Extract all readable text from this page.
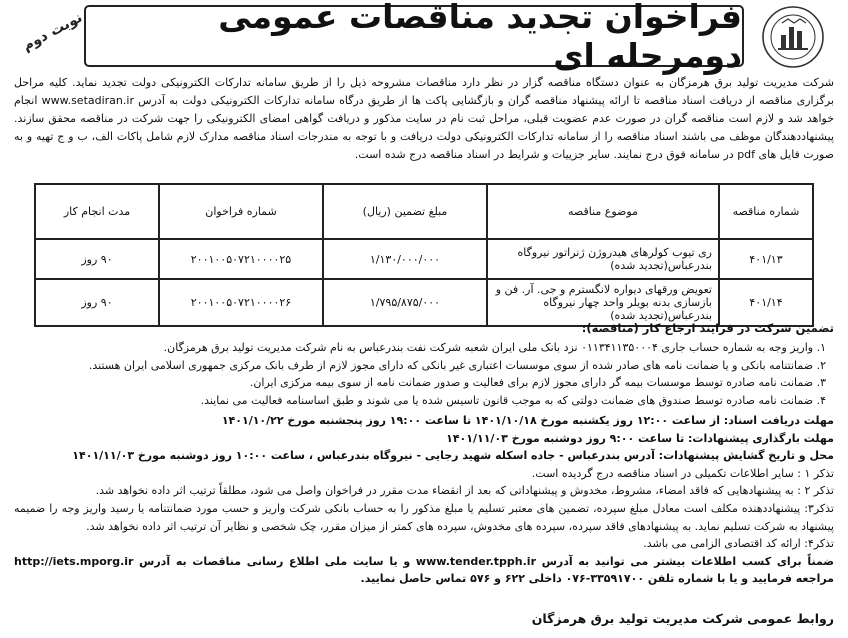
فراخوان تجدید مناقصات عمومی دومرحله ای
نوبت دوم
شرکت مدیریت تولید برق هرمزگان به عنوان دستگاه مناقصه گزار در نظر دارد مناقصات مشروحه ذیل را از طریق سامانه تدارکات الکترونیکی دولت تجدید نماید. کلیه مراحل برگزاری مناقصه از دریافت اسناد مناقصه تا ارائه پیشنهاد مناقصه گران و بازگشایی پاکت ها از طریق درگاه سامانه تدارکات الکترونیکی دولت به آدرس www.setadiran.ir انجام خواهد شد و لازم است مناقصه گران در صورت عدم عضویت قبلی، مراحل ثبت نام در سایت مذکور و دریافت گواهی امضای الکترونیکی را جهت شرکت در مناقصه محقق سازند. پیشنهاددهندگان موظف می باشند اسناد مناقصه را از سامانه تدارکات الکترونیکی دولت دریافت و با توجه به مندرجات اسناد مناقصه مدارک لازم شامل پاکات الف، ب و ج تهیه و به صورت فایل های pdf در سامانه فوق درج نمایند. سایر جزییات و شرایط در اسناد مناقصه درج شده است.
شماره مناقصه	موضوع مناقصه	مبلغ تضمین (ریال)	شماره فراخوان	مدت انجام کار
۴۰۱/۱۳	ری تیوب کولرهای هیدروژن ژنراتور نیروگاه بندرعباس(تجدید شده)	۱/۱۳۰/۰۰۰/۰۰۰	۲۰۰۱۰۰۵۰۷۲۱۰۰۰۰۲۵	۹۰ روز
۴۰۱/۱۴	تعویض ورقهای دیواره لانگسترم و جی. آر. فن و بازسازی بدنه بویلر واحد چهار نیروگاه بندرعباس(تجدید شده)	۱/۷۹۵/۸۷۵/۰۰۰	۲۰۰۱۰۰۵۰۷۲۱۰۰۰۰۲۶	۹۰ روز
تضمین شرکت در فرایند ارجاع کار (مناقصه):
۱. واریز وجه به شماره حساب جاری ۰۱۱۳۴۱۱۳۵۰۰۰۴ نزد بانک ملی ایران شعبه شرکت نفت بندرعباس به نام شرکت مدیریت تولید برق هرمزگان.
۲. ضمانتنامه بانکی و یا ضمانت نامه های صادر شده از سوی موسسات اعتباری غیر بانکی که دارای مجوز لازم از طرف بانک مرکزی جمهوری اسلامی ایران هستند.
۳. ضمانت نامه صادره توسط موسسات بیمه گر دارای مجوز لازم برای فعالیت و صدور ضمانت نامه از سوی بیمه مرکزی ایران.
۴. ضمانت نامه صادره توسط صندوق های ضمانت دولتی که به موجب قانون تاسیس شده یا می شوند و طبق اساسنامه فعالیت می نمایند.
مهلت دریافت اسناد: از ساعت ۱۲:۰۰ روز یکشنبه مورخ ۱۴۰۱/۱۰/۱۸ تا ساعت ۱۹:۰۰ روز پنجشنبه مورخ ۱۴۰۱/۱۰/۲۲
مهلت بارگذاری پیشنهادات: تا ساعت ۹:۰۰ روز دوشنبه مورخ ۱۴۰۱/۱۱/۰۳
محل و تاریخ گشایش پیشنهادات: آدرس بندرعباس - جاده اسکله شهید رجایی - نیروگاه بندرعباس ، ساعت ۱۰:۰۰ روز دوشنبه مورخ ۱۴۰۱/۱۱/۰۳
تذکر ۱ : سایر اطلاعات تکمیلی در اسناد مناقصه درج گردیده است.
تذکر ۲ : به پیشنهادهایی که فاقد امضاء، مشروط، مخدوش و پیشنهاداتی که بعد از انقضاء مدت مقرر در فراخوان واصل می شود، مطلقاً ترتیب اثر داده نخواهد شد.
تذکر۳: پیشنهاددهنده مکلف است معادل مبلغ سپرده، تضمین های معتبر تسلیم یا مبلغ مذکور را به حساب بانکی شرکت واریز و حسب مورد ضمانتنامه یا رسید واریز وجه را ضمیمه پیشنهاد به شرکت تسلیم نماید. به پیشنهادهای فاقد سپرده، سپرده های مخدوش، سپرده های کمتر از میزان مقرر، چک شخصی و نظایر آن ترتیب اثر داده نخواهد شد.
تذکر۴: ارائه کد اقتصادی الزامی می باشد.
ضمناً برای کسب اطلاعات بیشتر می توانید به آدرس www.tender.tpph.ir و یا سایت ملی اطلاع رسانی مناقصات به آدرس http://iets.mporg.ir مراجعه فرمایید و یا با شماره تلفن ۳۳۵۹۱۷۰۰-۰۷۶ داخلی ۶۲۲ و ۵۷۶ تماس حاصل نمایید.
روابط عمومی شرکت مدیریت تولید برق هرمزگان
